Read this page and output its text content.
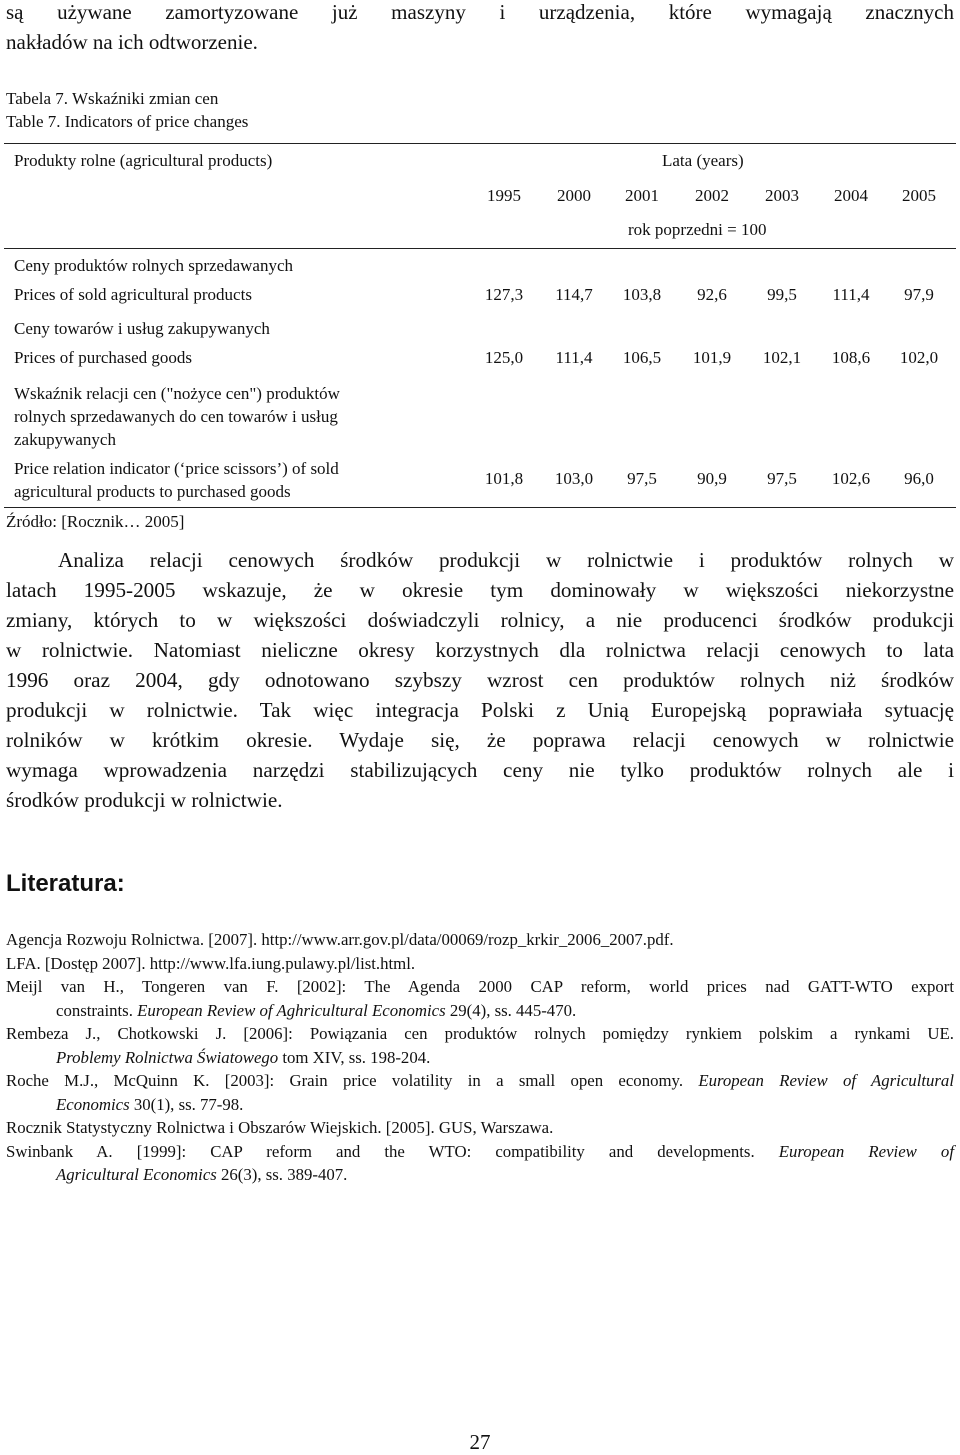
są używane zamortyzowane już maszyny i urządzenia, które wymagają znacznych
nakładów na ich odtworzenie.
Tabela 7. Wskaźniki zmian cen
Table 7. Indicators of price changes
Produkty rolne (agricultural products)	Lata (years)
1995	2000	2001	2002	2003	2004	2005
rok poprzedni = 100
Ceny produktów rolnych sprzedawanych
Prices of sold agricultural products	127,3	114,7	103,8	92,6	99,5	111,4	97,9
Ceny towarów i usług zakupywanych
Prices of purchased goods	125,0	111,4	106,5	101,9	102,1	108,6	102,0
Wskaźnik relacji cen ("nożyce cen") produktów
rolnych sprzedawanych do cen towarów i usług
zakupywanych
Price relation indicator (‘price scissors’) of sold
agricultural products to purchased goods
101,8	103,0	97,5	90,9	97,5	102,6	96,0
Źródło: [Rocznik… 2005]
Analiza relacji cenowych środków produkcji w rolnictwie i produktów rolnych w
latach 1995-2005 wskazuje, że w okresie tym dominowały w większości niekorzystne
zmiany, których to w większości doświadczyli rolnicy, a nie producenci środków produkcji
w rolnictwie. Natomiast nieliczne okresy korzystnych dla rolnictwa relacji cenowych to lata
1996 oraz 2004, gdy odnotowano szybszy wzrost cen produktów rolnych niż środków
produkcji w rolnictwie. Tak więc integracja Polski z Unią Europejską poprawiała sytuację
rolników w krótkim okresie. Wydaje się, że poprawa relacji cenowych w rolnictwie
wymaga wprowadzenia narzędzi stabilizujących ceny nie tylko produktów rolnych ale i
środków produkcji w rolnictwie.
Literatura:
Agencja Rozwoju Rolnictwa. [2007]. http://www.arr.gov.pl/data/00069/rozp_krkir_2006_2007.pdf.
LFA. [Dostęp 2007]. http://www.lfa.iung.pulawy.pl/list.html.
Meijl van H., Tongeren van F. [2002]: The Agenda 2000 CAP reform, world prices nad GATT-WTO export
constraints. European Review of Aghricultural Economics 29(4), ss. 445-470.
Rembeza J., Chotkowski J. [2006]: Powiązania cen produktów rolnych pomiędzy rynkiem polskim a rynkami UE.
Problemy Rolnictwa Światowego tom XIV, ss. 198-204.
Roche M.J., McQuinn K. [2003]: Grain price volatility in a small open economy. European Review of Agricultural
Economics 30(1), ss. 77-98.
Rocznik Statystyczny Rolnictwa i Obszarów Wiejskich. [2005]. GUS, Warszawa.
Swinbank A. [1999]: CAP reform and the WTO: compatibility and developments. European Review of
Agricultural Economics 26(3), ss. 389-407.
27
